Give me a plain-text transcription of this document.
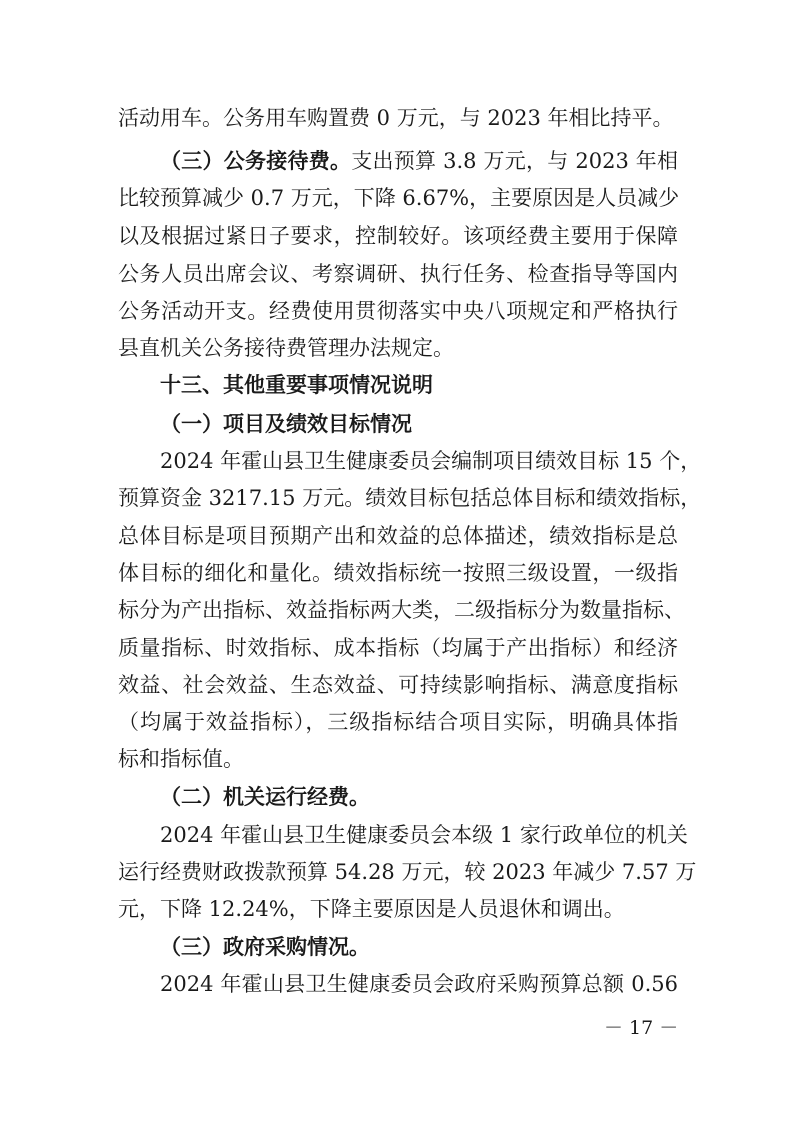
活动用车。公务用车购置费 0 万元，与 2023 年相比持平。
（三）公务接待费。支出预算 3.8 万元，与 2023 年相
比较预算减少 0.7 万元，下降 6.67%，主要原因是人员减少
以及根据过紧日子要求，控制较好。该项经费主要用于保障
公务人员出席会议、考察调研、执行任务、检查指导等国内
公务活动开支。经费使用贯彻落实中央八项规定和严格执行
县直机关公务接待费管理办法规定。
十三、其他重要事项情况说明
（一）项目及绩效目标情况
2024 年霍山县卫生健康委员会编制项目绩效目标 15 个，
预算资金 3217.15 万元。绩效目标包括总体目标和绩效指标，
总体目标是项目预期产出和效益的总体描述，绩效指标是总
体目标的细化和量化。绩效指标统一按照三级设置，一级指
标分为产出指标、效益指标两大类，二级指标分为数量指标、
质量指标、时效指标、成本指标（均属于产出指标）和经济
效益、社会效益、生态效益、可持续影响指标、满意度指标
（均属于效益指标），三级指标结合项目实际，明确具体指
标和指标值。
（二）机关运行经费。
2024 年霍山县卫生健康委员会本级 1 家行政单位的机关
运行经费财政拨款预算 54.28 万元，较 2023 年减少 7.57 万
元，下降 12.24%，下降主要原因是人员退休和调出。
（三）政府采购情况。
2024 年霍山县卫生健康委员会政府采购预算总额 0.56
－ 17 －
